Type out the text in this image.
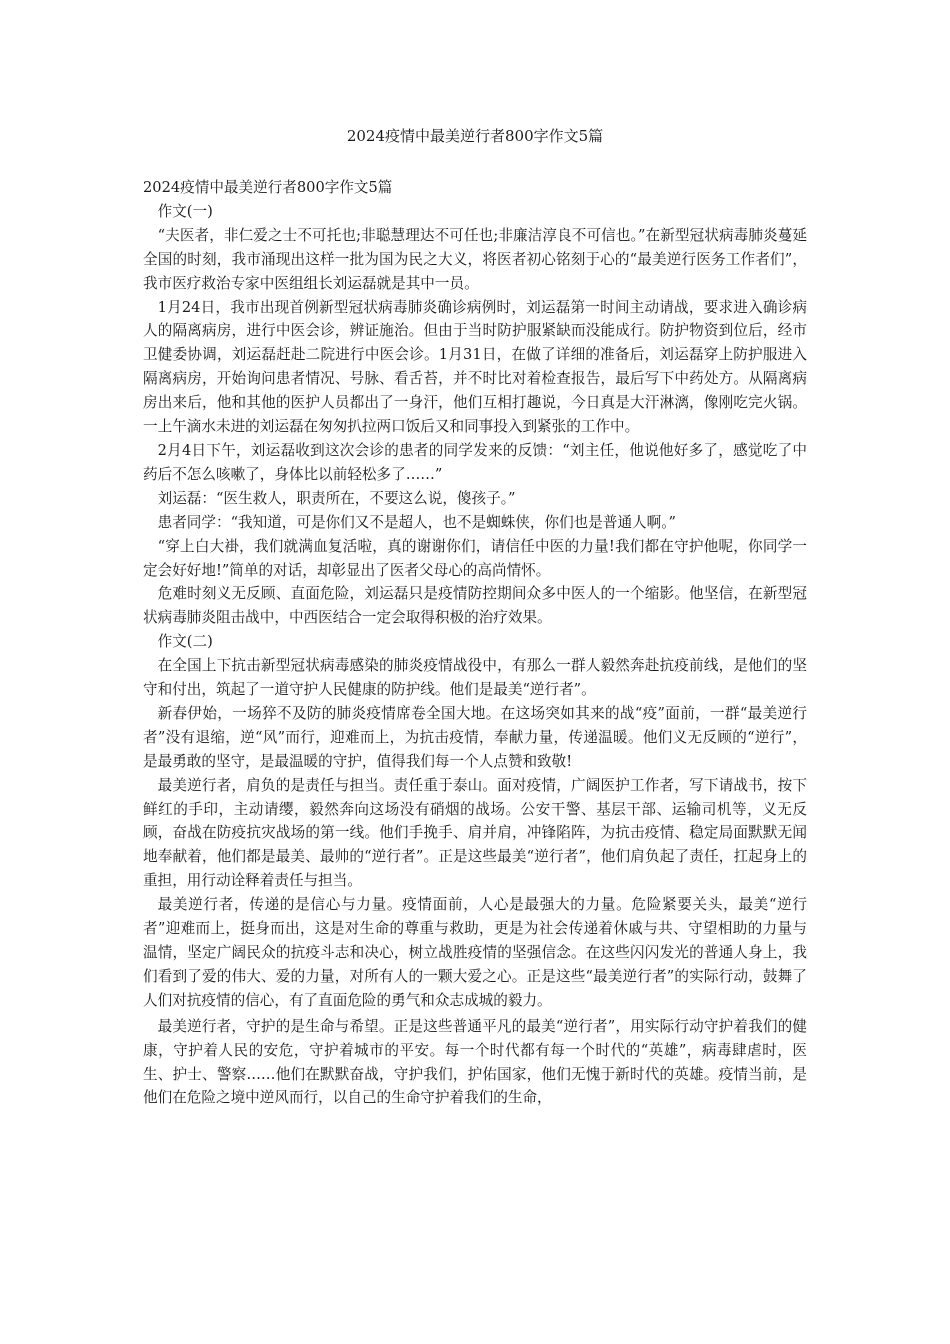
2024疫情中最美逆行者800字作文5篇

2024疫情中最美逆行者800字作文5篇

作文(一)

“夫医者，非仁爱之士不可托也;非聪慧理达不可任也;非廉洁淳良不可信也。”在新型冠状病毒肺炎蔓延全国的时刻，我市涌现出这样一批为国为民之大义，将医者初心铭刻于心的“最美逆行医务工作者们”，我市医疗救治专家中医组组长刘运磊就是其中一员。

1月24日，我市出现首例新型冠状病毒肺炎确诊病例时，刘运磊第一时间主动请战，要求进入确诊病人的隔离病房，进行中医会诊，辨证施治。但由于当时防护服紧缺而没能成行。防护物资到位后，经市卫健委协调，刘运磊赶赴二院进行中医会诊。1月31日，在做了详细的准备后，刘运磊穿上防护服进入隔离病房，开始询问患者情况、号脉、看舌苔，并不时比对着检查报告，最后写下中药处方。从隔离病房出来后，他和其他的医护人员都出了一身汗，他们互相打趣说，今日真是大汗淋漓，像刚吃完火锅。一上午滴水未进的刘运磊在匆匆扒拉两口饭后又和同事投入到紧张的工作中。

2月4日下午，刘运磊收到这次会诊的患者的同学发来的反馈：“刘主任，他说他好多了，感觉吃了中药后不怎么咳嗽了，身体比以前轻松多了……”

刘运磊：“医生救人，职责所在，不要这么说，傻孩子。”

患者同学：“我知道，可是你们又不是超人，也不是蜘蛛侠，你们也是普通人啊。”

“穿上白大褂，我们就满血复活啦，真的谢谢你们，请信任中医的力量!我们都在守护他呢，你同学一定会好好地!”简单的对话，却彰显出了医者父母心的高尚情怀。

危难时刻义无反顾、直面危险，刘运磊只是疫情防控期间众多中医人的一个缩影。他坚信，在新型冠状病毒肺炎阻击战中，中西医结合一定会取得积极的治疗效果。

作文(二)

在全国上下抗击新型冠状病毒感染的肺炎疫情战役中，有那么一群人毅然奔赴抗疫前线，是他们的坚守和付出，筑起了一道守护人民健康的防护线。他们是最美“逆行者”。

新春伊始，一场猝不及防的肺炎疫情席卷全国大地。在这场突如其来的战“疫”面前，一群“最美逆行者”没有退缩，逆“风”而行，迎难而上，为抗击疫情，奉献力量，传递温暖。他们义无反顾的“逆行”，是最勇敢的坚守，是最温暖的守护，值得我们每一个人点赞和致敬!

最美逆行者，肩负的是责任与担当。责任重于泰山。面对疫情，广阔医护工作者，写下请战书，按下鲜红的手印，主动请缨，毅然奔向这场没有硝烟的战场。公安干警、基层干部、运输司机等，义无反顾，奋战在防疫抗灾战场的第一线。他们手挽手、肩并肩，冲锋陷阵，为抗击疫情、稳定局面默默无闻地奉献着，他们都是最美、最帅的“逆行者”。正是这些最美“逆行者”，他们肩负起了责任，扛起身上的重担，用行动诠释着责任与担当。

最美逆行者，传递的是信心与力量。疫情面前，人心是最强大的力量。危险紧要关头，最美“逆行者”迎难而上，挺身而出，这是对生命的尊重与救助，更是为社会传递着休戚与共、守望相助的力量与温情，坚定广阔民众的抗疫斗志和决心，树立战胜疫情的坚强信念。在这些闪闪发光的普通人身上，我们看到了爱的伟大、爱的力量，对所有人的一颗大爱之心。正是这些“最美逆行者”的实际行动，鼓舞了人们对抗疫情的信心，有了直面危险的勇气和众志成城的毅力。

最美逆行者，守护的是生命与希望。正是这些普通平凡的最美“逆行者”，用实际行动守护着我们的健康，守护着人民的安危，守护着城市的平安。每一个时代都有每一个时代的“英雄”，病毒肆虐时，医生、护士、警察……他们在默默奋战，守护我们，护佑国家，他们无愧于新时代的英雄。疫情当前，是他们在危险之境中逆风而行，以自己的生命守护着我们的生命，
